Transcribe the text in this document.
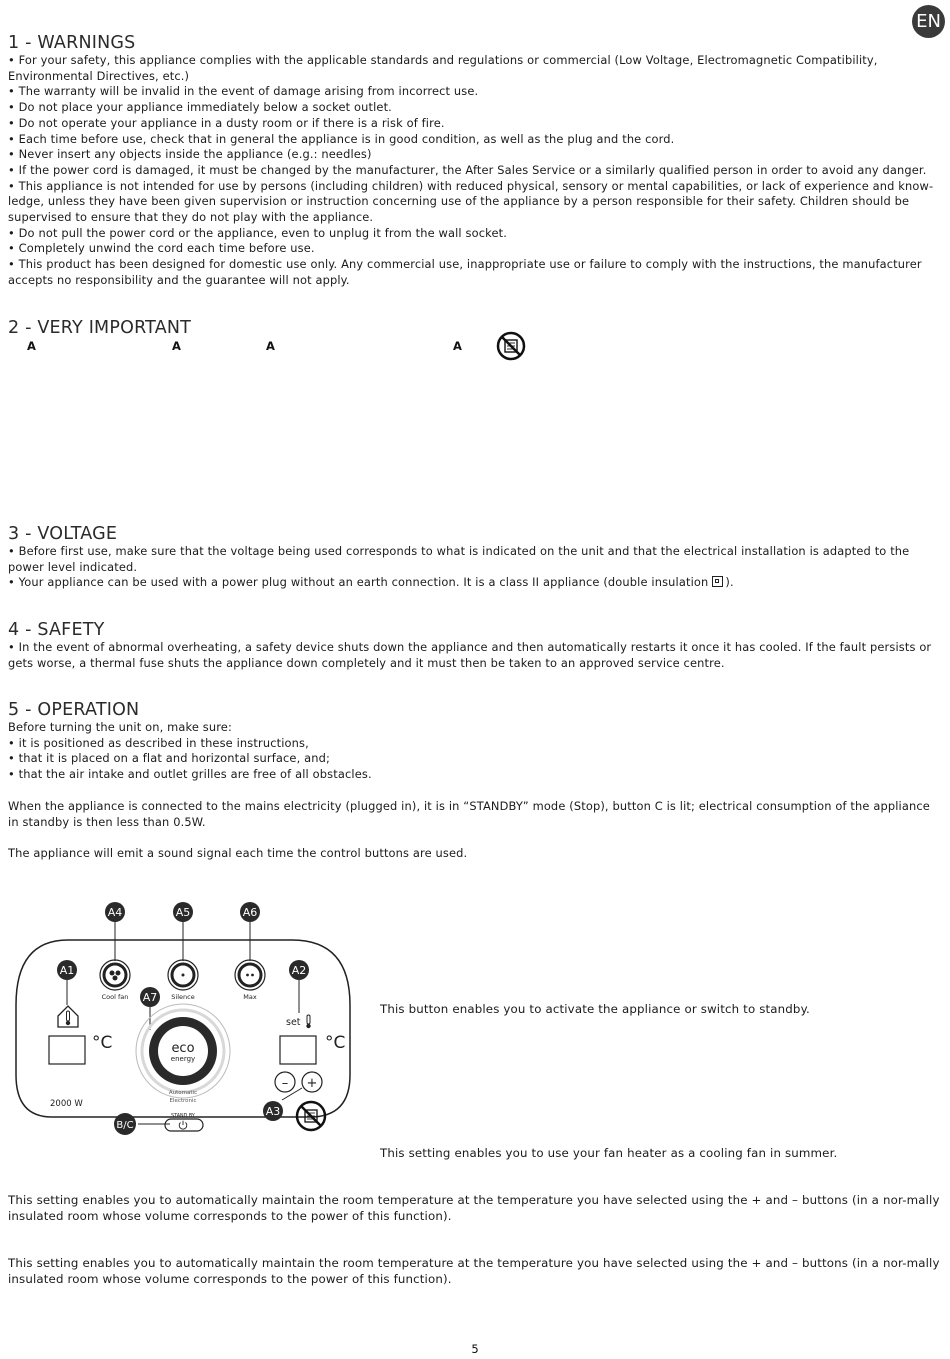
EN
1 - WARNINGS

• For your safety, this appliance complies with the applicable standards and regulations or commercial (Low Voltage, Electromagnetic Compatibility, Environmental Directives, etc.)

• The warranty will be invalid in the event of damage arising from incorrect use.

• Do not place your appliance immediately below a socket outlet.

• Do not operate your appliance in a dusty room or if there is a risk of fire.

• Each time before use, check that in general the appliance is in good condition, as well as the plug and the cord.

• Never insert any objects inside the appliance (e.g.: needles)

• If the power cord is damaged, it must be changed by the manufacturer, the After Sales Service or a similarly qualified person in order to avoid any danger.

• This appliance is not intended for use by persons (including children) with reduced physical, sensory or mental capabilities, or lack of experience and know-ledge, unless they have been given supervision or instruction concerning use of the appliance by a person responsible for their safety. Children should be supervised to ensure that they do not play with the appliance.

• Do not pull the power cord or the appliance, even to unplug it from the wall socket.

• Completely unwind the cord each time before use.

• This product has been designed for domestic use only. Any commercial use, inappropriate use or failure to comply with the instructions, the manufacturer accepts no responsibility and the guarantee will not apply.

2 - VERY IMPORTANT
A	A	A	A
3 - VOLTAGE

• Before first use, make sure that the voltage being used corresponds to what is indicated on the unit and that the electrical installation is adapted to the power level indicated.

• Your appliance can be used with a power plug without an earth connection. It is a class II appliance (double insulation ).

4 - SAFETY

• In the event of abnormal overheating, a safety device shuts down the appliance and then automatically restarts it once it has cooled. If the fault persists or gets worse, a thermal fuse shuts the appliance down completely and it must then be taken to an approved service centre.

5 - OPERATION

Before turning the unit on, make sure:

• it is positioned as described in these instructions,

• that it is placed on a flat and horizontal surface, and;

• that the air intake and outlet grilles are free of all obstacles.

When the appliance is connected to the mains electricity (plugged in), it is in “STANDBY” mode (Stop), button C is lit; electrical consumption of the appliance in standby is then less than 0.5W.

The appliance will emit a sound signal each time the control buttons are used.

A4	A5	A6
A1	A2
A7
A3
B/C
Cool fan	Silence	Max
°C
set
°C
eco
energy
Automatic
Electronic
– +
2000 W
STAND BY
This button enables you to activate the appliance or switch to standby.
This setting enables you to use your fan heater as a cooling fan in summer.

This setting enables you to automatically maintain the room temperature at the temperature you have selected using the + and – buttons (in a nor-mally insulated room whose volume corresponds to the power of this function).

This setting enables you to automatically maintain the room temperature at the temperature you have selected using the + and – buttons (in a nor-mally insulated room whose volume corresponds to the power of this function).

5
